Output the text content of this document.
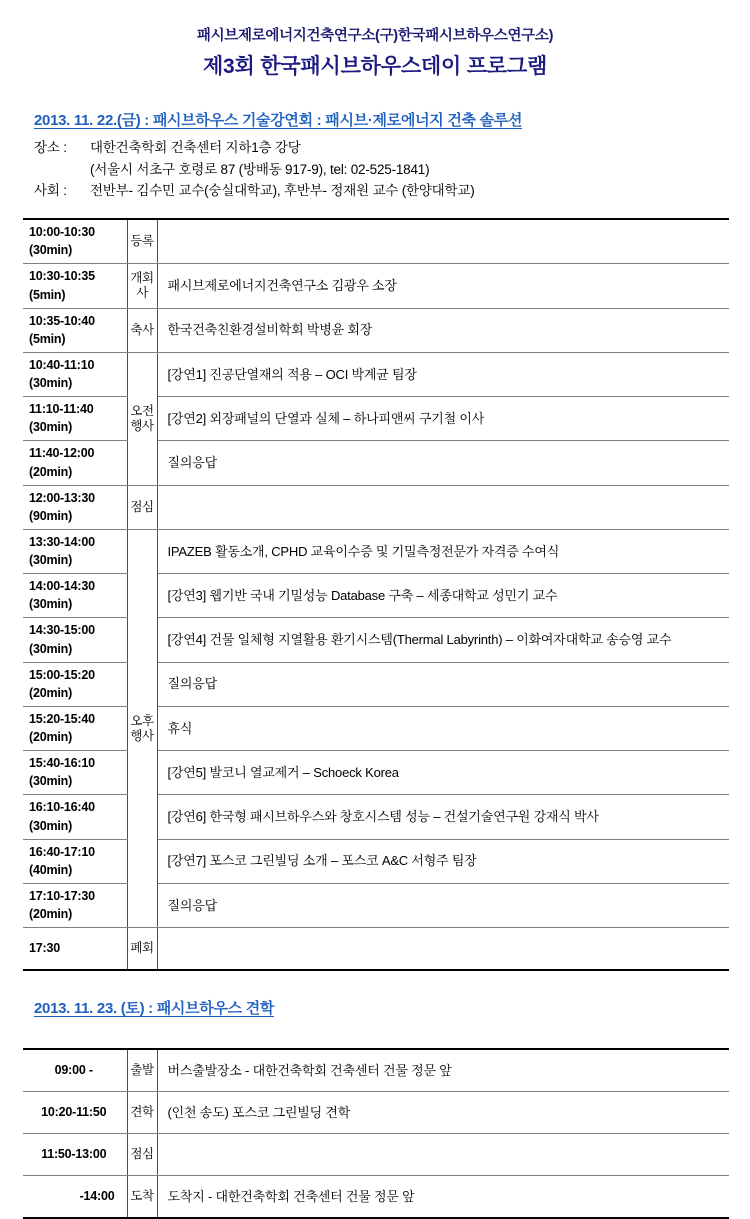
패시브제로에너지건축연구소(구)한국패시브하우스연구소)
제3회 한국패시브하우스데이 프로그램
2013. 11. 22.(금) : 패시브하우스 기술강연회 : 패시브·제로에너지 건축 솔루션
장소 :	대한건축학회 건축센터 지하1층 강당
(서울시 서초구 호령로 87 (방배동 917-9), tel: 02-525-1841)
사회 :	전반부- 김수민 교수(숭실대학교), 후반부- 정재원 교수 (한양대학교)
10:00-10:30
(30min)	등록	

10:30-10:35
(5min)	개회사	패시브제로에너지건축연구소 김광우 소장

10:35-10:40
(5min)	축사	한국건축친환경설비학회 박병윤 회장

10:40-11:10
(30min)	오전행사	[강연1] 진공단열재의 적용 – OCI 박계균 팀장

11:10-11:40
(30min)		[강연2] 외장패널의 단열과 실체 – 하나피앤씨 구기철 이사

11:40-12:00
(20min)		질의응답

12:00-13:30
(90min)	점심	

13:30-14:00
(30min)	오후행사	IPAZEB 활동소개, CPHD 교육이수증 및 기밀측정전문가 자격증 수여식

14:00-14:30
(30min)		[강연3] 웹기반 국내 기밀성능 Database 구축 – 세종대학교 성민기 교수

14:30-15:00
(30min)		[강연4] 건물 일체형 지열활용 환기시스템(Thermal Labyrinth) – 이화여자대학교 송승영 교수

15:00-15:20
(20min)		질의응답

15:20-15:40
(20min)		휴식

15:40-16:10
(30min)		[강연5] 발코니 열교제거 – Schoeck Korea

16:10-16:40
(30min)		[강연6] 한국형 패시브하우스와 창호시스템 성능 – 건설기술연구원 강재식 박사

16:40-17:10
(40min)		[강연7] 포스코 그린빌딩 소개 – 포스코 A&C 서형주 팀장

17:10-17:30
(20min)		질의응답

17:30	폐회	

2013. 11. 23. (토) : 패시브하우스 견학
09:00 -	출발	버스출발장소 - 대한건축학회 건축센터 건물 정문 앞

10:20-11:50	견학	(인천 송도) 포스코 그린빌딩 견학

11:50-13:00	점심	

-14:00	도착	도착지 - 대한건축학회 건축센터 건물 정문 앞
